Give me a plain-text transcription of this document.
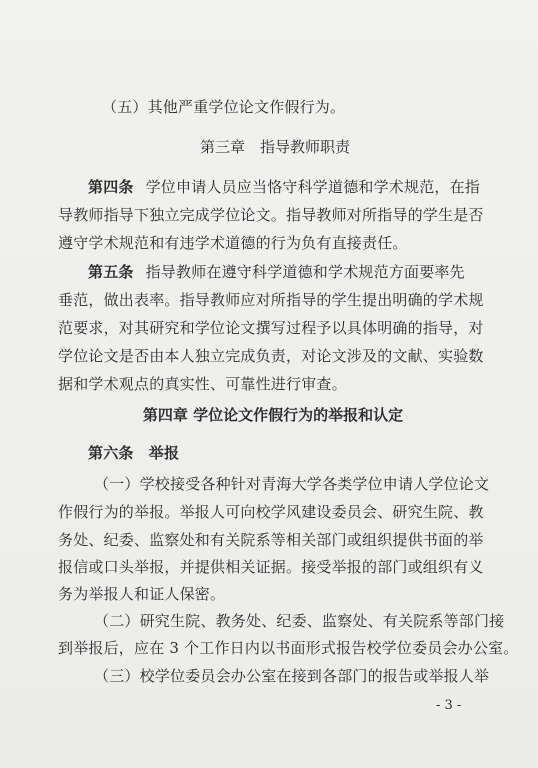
（五）其他严重学位论文作假行为。
第三章　指导教师职责
第四条 学位申请人员应当恪守科学道德和学术规范，在指
导教师指导下独立完成学位论文。指导教师对所指导的学生是否
遵守学术规范和有违学术道德的行为负有直接责任。
第五条 指导教师在遵守科学道德和学术规范方面要率先
垂范，做出表率。指导教师应对所指导的学生提出明确的学术规
范要求，对其研究和学位论文撰写过程予以具体明确的指导，对
学位论文是否由本人独立完成负责，对论文涉及的文献、实验数
据和学术观点的真实性、可靠性进行审查。
第四章 学位论文作假行为的举报和认定
第六条　举报
（一）学校接受各种针对青海大学各类学位申请人学位论文
作假行为的举报。举报人可向校学风建设委员会、研究生院、教
务处、纪委、监察处和有关院系等相关部门或组织提供书面的举
报信或口头举报，并提供相关证据。接受举报的部门或组织有义
务为举报人和证人保密。
（二）研究生院、教务处、纪委、监察处、有关院系等部门接
到举报后，应在 3 个工作日内以书面形式报告校学位委员会办公室。
（三）校学位委员会办公室在接到各部门的报告或举报人举
- 3 -
